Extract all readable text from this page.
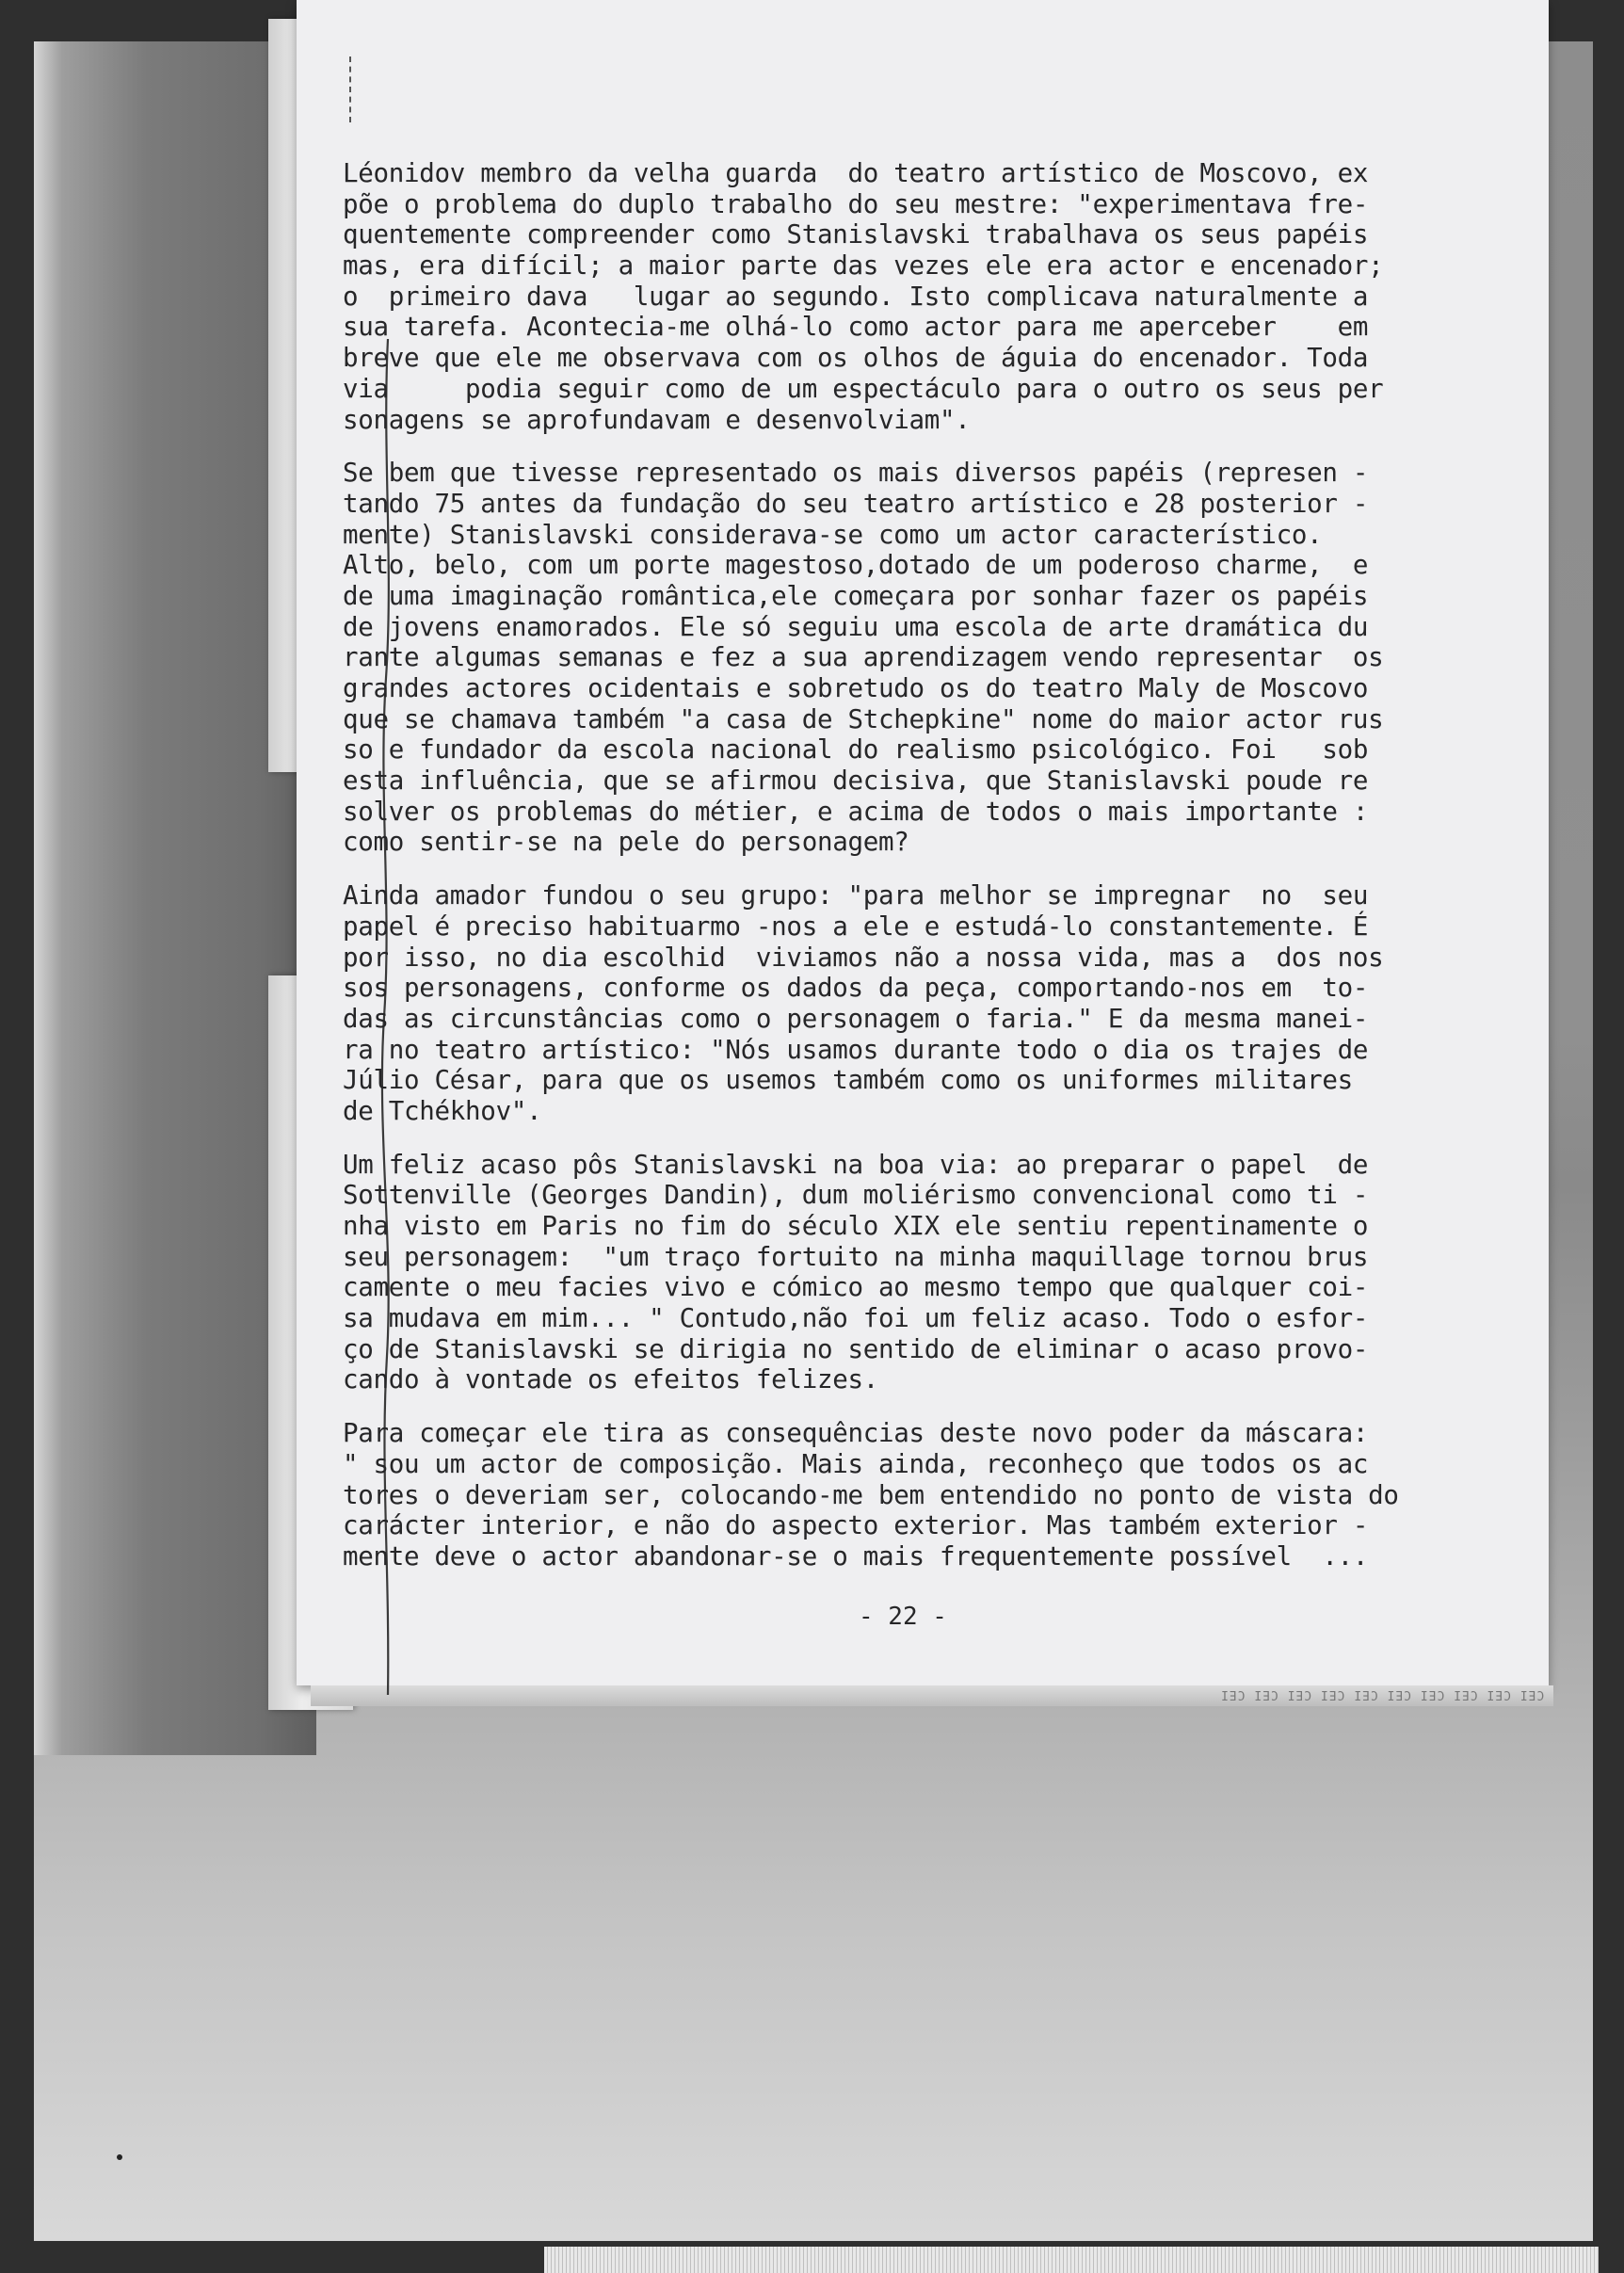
CEI CEI CEI CEI CEI CEI CEI CEI CEI CEI
Léonidov membro da velha guarda  do teatro artístico de Moscovo, ex
põe o problema do duplo trabalho do seu mestre: "experimentava fre-
quentemente compreender como Stanislavski trabalhava os seus papéis
mas, era difícil; a maior parte das vezes ele era actor e encenador;
o  primeiro dava   lugar ao segundo. Isto complicava naturalmente a
sua tarefa. Acontecia-me olhá-lo como actor para me aperceber    em
breve que ele me observava com os olhos de águia do encenador. Toda
via     podia seguir como de um espectáculo para o outro os seus per
sonagens se aprofundavam e desenvolviam".
Se bem que tivesse representado os mais diversos papéis (represen -
tando 75 antes da fundação do seu teatro artístico e 28 posterior -
mente) Stanislavski considerava-se como um actor característico.
Alto, belo, com um porte magestoso,dotado de um poderoso charme,  e
de uma imaginação romântica,ele começara por sonhar fazer os papéis
de jovens enamorados. Ele só seguiu uma escola de arte dramática du
rante algumas semanas e fez a sua aprendizagem vendo representar  os
grandes actores ocidentais e sobretudo os do teatro Maly de Moscovo
que se chamava também "a casa de Stchepkine" nome do maior actor rus
so e fundador da escola nacional do realismo psicológico. Foi   sob
esta influência, que se afirmou decisiva, que Stanislavski poude re
solver os problemas do métier, e acima de todos o mais importante :
como sentir-se na pele do personagem?
Ainda amador fundou o seu grupo: "para melhor se impregnar  no  seu
papel é preciso habituarmo -nos a ele e estudá-lo constantemente. É
por isso, no dia escolhid  viviamos não a nossa vida, mas a  dos nos
sos personagens, conforme os dados da peça, comportando-nos em  to-
das as circunstâncias como o personagem o faria." E da mesma manei-
ra no teatro artístico: "Nós usamos durante todo o dia os trajes de
Júlio César, para que os usemos também como os uniformes militares
de Tchékhov".
Um feliz acaso pôs Stanislavski na boa via: ao preparar o papel  de
Sottenville (Georges Dandin), dum moliérismo convencional como ti -
nha visto em Paris no fim do século XIX ele sentiu repentinamente o
seu personagem:  "um traço fortuito na minha maquillage tornou brus
camente o meu facies vivo e cómico ao mesmo tempo que qualquer coi-
sa mudava em mim... " Contudo,não foi um feliz acaso. Todo o esfor-
ço de Stanislavski se dirigia no sentido de eliminar o acaso provo-
cando à vontade os efeitos felizes.
Para começar ele tira as consequências deste novo poder da máscara:
" sou um actor de composição. Mais ainda, reconheço que todos os ac
tores o deveriam ser, colocando-me bem entendido no ponto de vista do
carácter interior, e não do aspecto exterior. Mas também exterior -
mente deve o actor abandonar-se o mais frequentemente possível  ...
- 22 -
